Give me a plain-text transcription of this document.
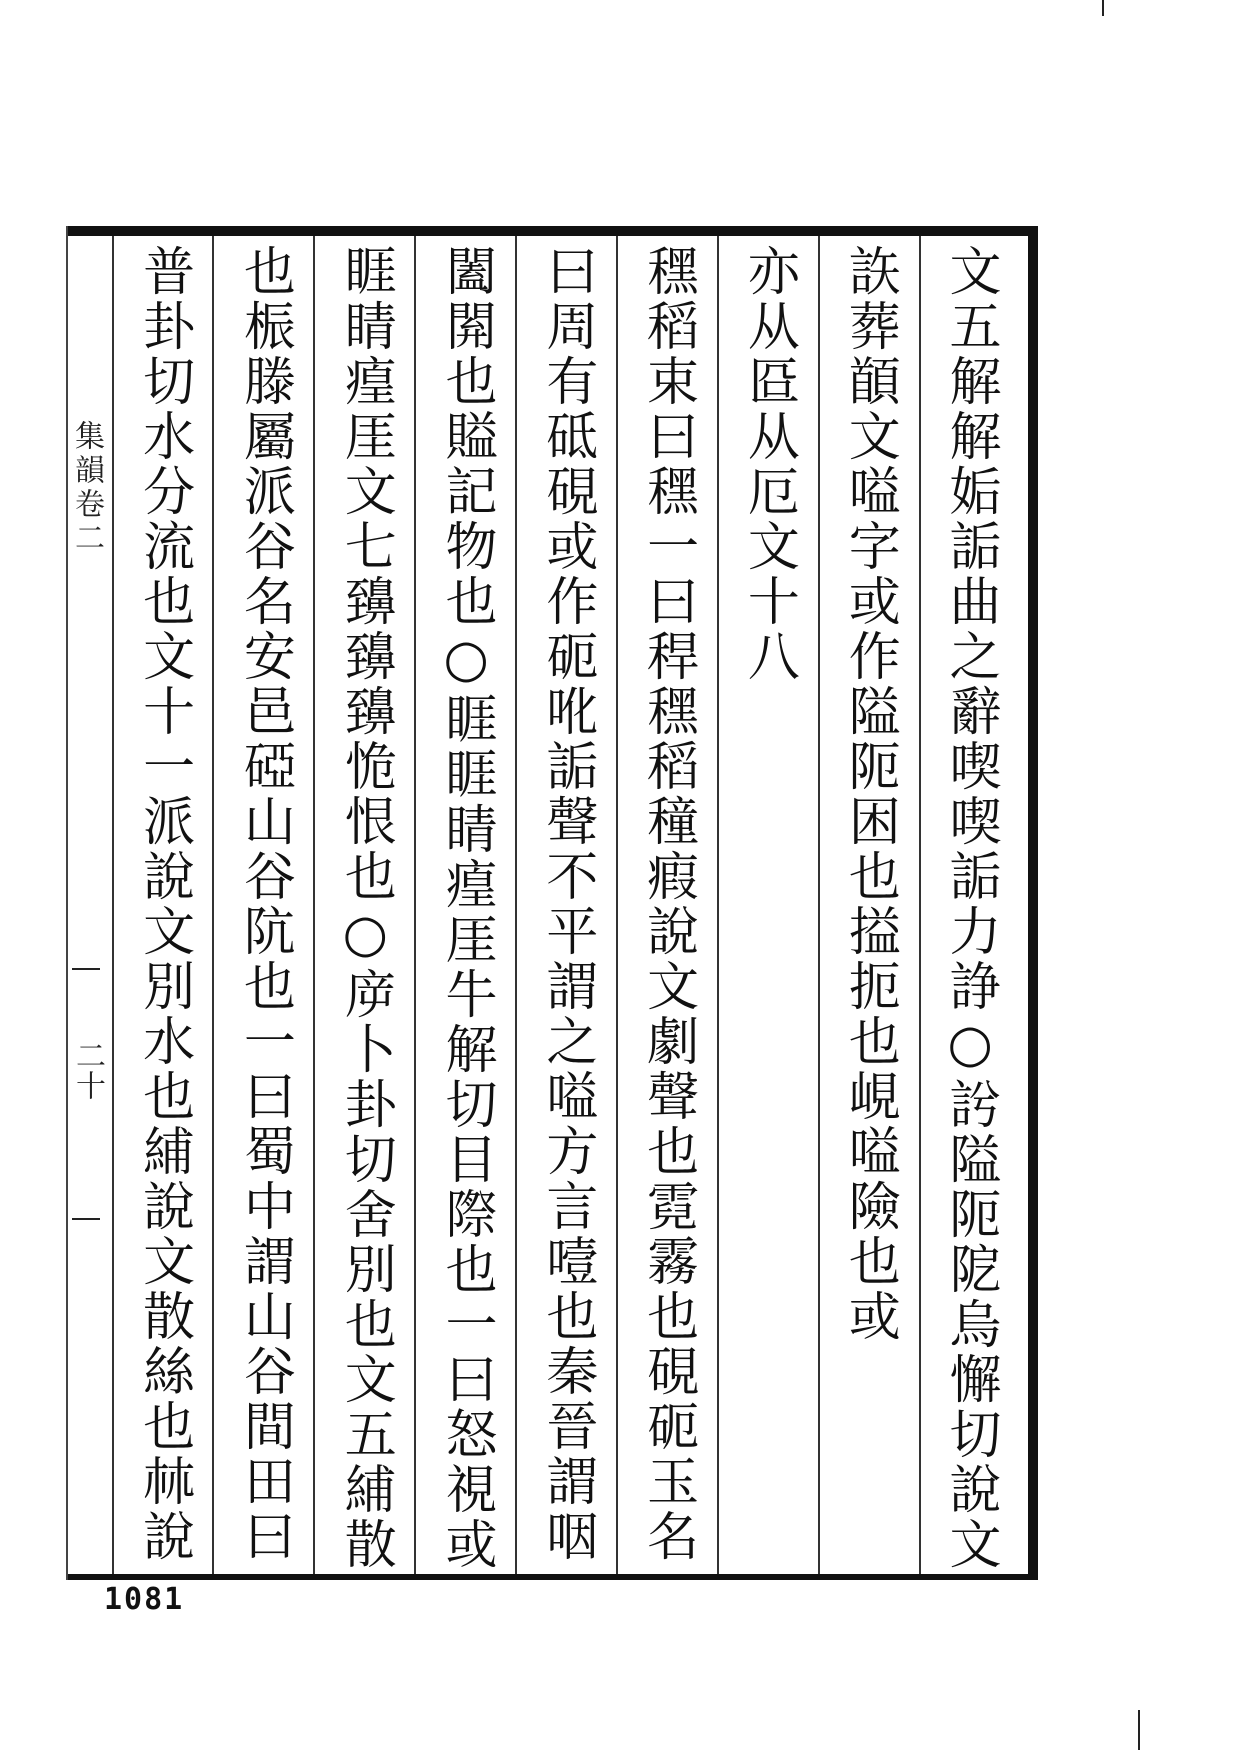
文五解解姤詬曲之辭喫喫詬力諍○䚷隘阨阸烏懈切說文
䛈葬䭭文嗌字或作隘阨困也搤扼也峴嗌險也或
亦从㔯从厄文十八
䆀稻束曰䆀一曰稈䆀稻穜瘕說文劇聲也霓霧也硯砈玉名
曰周有砥硯或作砈吪詬聲不平謂之嗌方言噎也秦晉謂咽
闔閞也賹記物也○睚睚睛㾮厓牛解切目際也一曰怒視或
睚睛㾮厓文七䶍䶍䶍恑恨也○㡿卜卦切舍別也文五䋠散
也桭滕屬派谷名安邑䃁山谷阬也一曰蜀中謂山谷間田曰
普卦切水分流也文十一派說文別水也䋠說文散絲也𣏟說
集韻卷二
二十
1081
